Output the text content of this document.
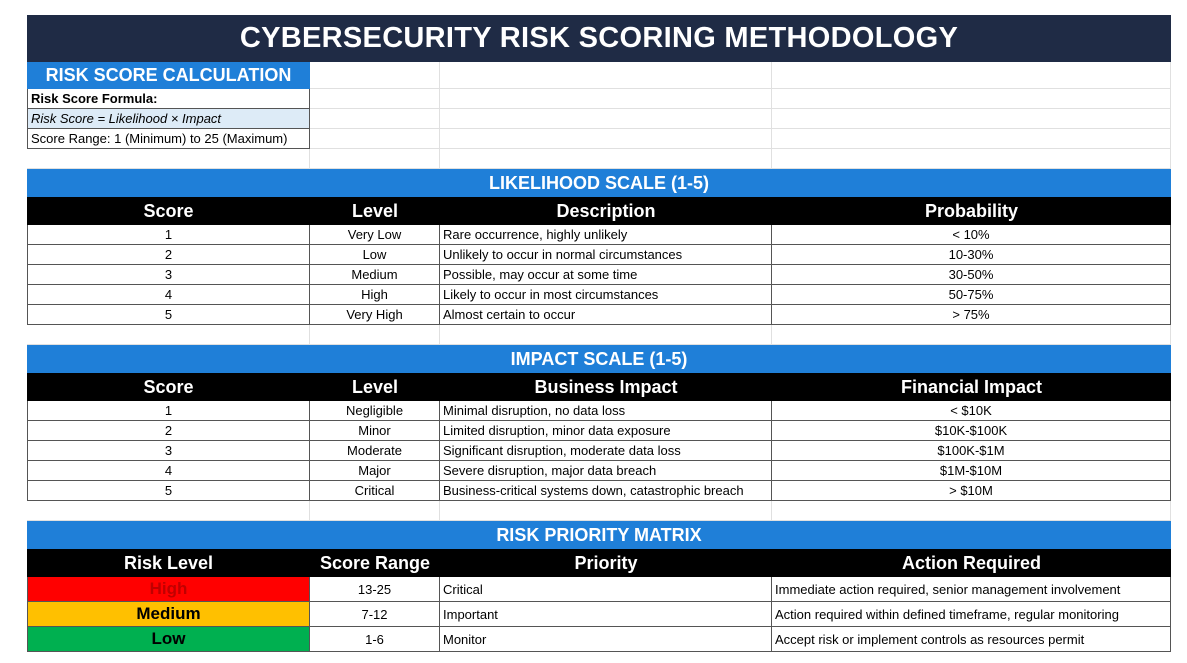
CYBERSECURITY RISK SCORING METHODOLOGY
RISK SCORE CALCULATION
Risk Score Formula:
Risk Score = Likelihood × Impact
Score Range: 1 (Minimum) to 25 (Maximum)
LIKELIHOOD SCALE (1-5)
Score	Level	Description	Probability
1	Very Low	Rare occurrence, highly unlikely	< 10%
2	Low	Unlikely to occur in normal circumstances	10-30%
3	Medium	Possible, may occur at some time	30-50%
4	High	Likely to occur in most circumstances	50-75%
5	Very High	Almost certain to occur	> 75%
IMPACT SCALE (1-5)
Score	Level	Business Impact	Financial Impact
1	Negligible	Minimal disruption, no data loss	< $10K
2	Minor	Limited disruption, minor data exposure	$10K-$100K
3	Moderate	Significant disruption, moderate data loss	$100K-$1M
4	Major	Severe disruption, major data breach	$1M-$10M
5	Critical	Business-critical systems down, catastrophic breach	> $10M
RISK PRIORITY MATRIX
Risk Level	Score Range	Priority	Action Required
High	13-25	Critical	Immediate action required, senior management involvement
Medium	7-12	Important	Action required within defined timeframe, regular monitoring
Low	1-6	Monitor	Accept risk or implement controls as resources permit
